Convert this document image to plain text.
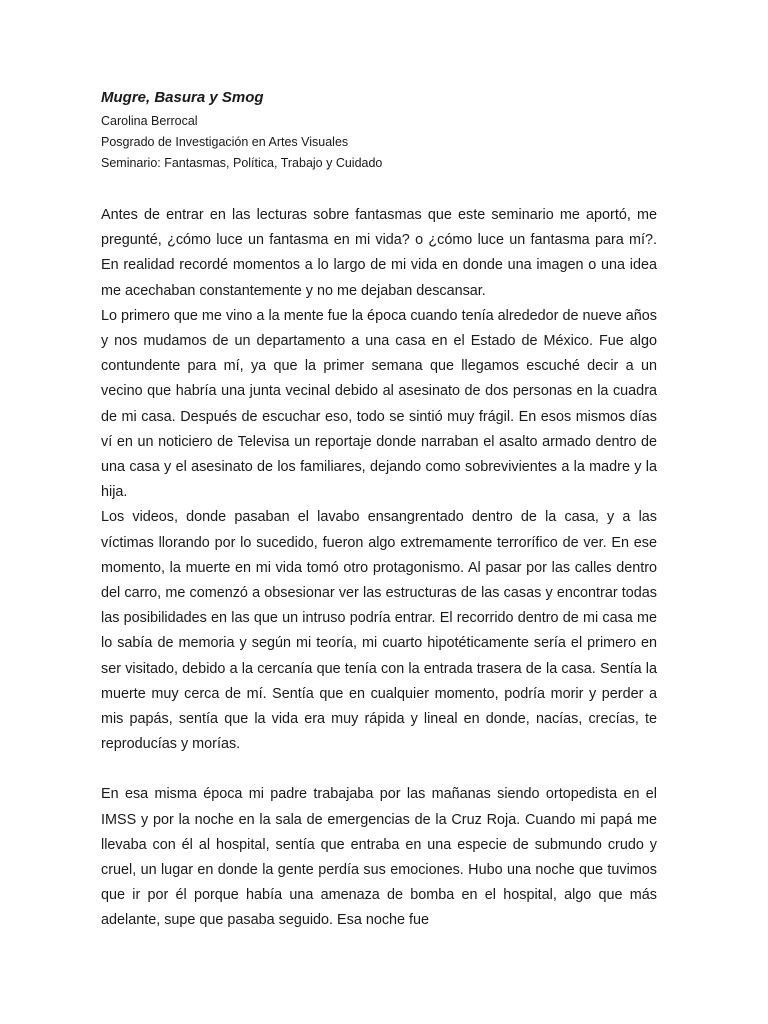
Mugre, Basura y Smog

Carolina Berrocal

Posgrado de Investigación en Artes Visuales

Seminario: Fantasmas, Política, Trabajo y Cuidado

Antes de entrar en las lecturas sobre fantasmas que este seminario me aportó, me pregunté, ¿cómo luce un fantasma en mi vida? o ¿cómo luce un fantasma para mí?. En realidad recordé momentos a lo largo de mi vida en donde una imagen o una idea me acechaban constantemente y no me dejaban descansar.

Lo primero que me vino a la mente fue la época cuando tenía alrededor de nueve años y nos mudamos de un departamento a una casa en el Estado de México. Fue algo contundente para mí, ya que la primer semana que llegamos escuché decir a un vecino que habría una junta vecinal debido al asesinato de dos personas en la cuadra de mi casa. Después de escuchar eso, todo se sintió muy frágil. En esos mismos días ví en un noticiero de Televisa un reportaje donde narraban el asalto armado dentro de una casa y el asesinato de los familiares, dejando como sobrevivientes a la madre y la hija.

Los videos, donde pasaban el lavabo ensangrentado dentro de la casa, y a las víctimas llorando por lo sucedido, fueron algo extremamente terrorífico de ver. En ese momento, la muerte en mi vida tomó otro protagonismo. Al pasar por las calles dentro del carro, me comenzó a obsesionar ver las estructuras de las casas y encontrar todas las posibilidades en las que un intruso podría entrar. El recorrido dentro de mi casa me lo sabía de memoria y según mi teoría, mi cuarto hipotéticamente sería el primero en ser visitado, debido a la cercanía que tenía con la entrada trasera de la casa. Sentía la muerte muy cerca de mí. Sentía que en cualquier momento, podría morir y perder a mis papás, sentía que la vida era muy rápida y lineal en donde, nacías, crecías, te reproducías y morías.

En esa misma época mi padre trabajaba por las mañanas siendo ortopedista en el IMSS y por la noche en la sala de emergencias de la Cruz Roja. Cuando mi papá me llevaba con él al hospital, sentía que entraba en una especie de submundo crudo y cruel, un lugar en donde la gente perdía sus emociones. Hubo una noche que tuvimos que ir por él porque había una amenaza de bomba en el hospital, algo que más adelante, supe que pasaba seguido. Esa noche fue
